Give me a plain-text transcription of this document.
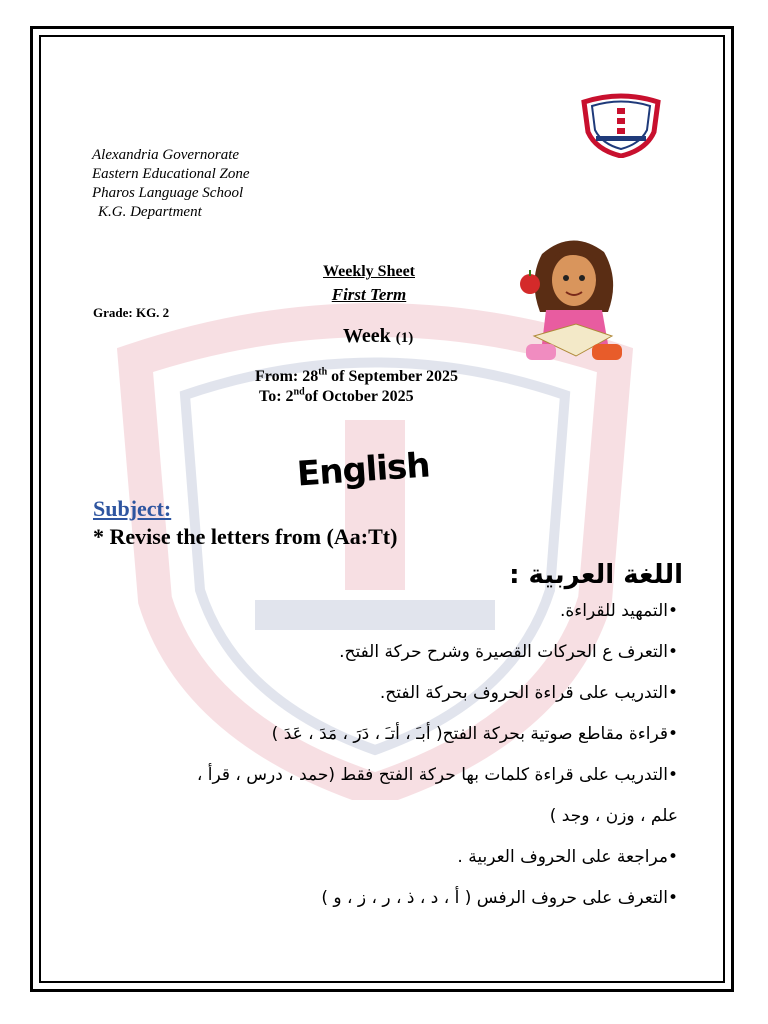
Alexandria Governorate
Eastern Educational Zone
Pharos Language School
K.G. Department
Weekly Sheet
First Term
Grade: KG. 2
Week (1)
From: 28th of September 2025
To: 2ndof October 2025
English
Subject:
* Revise the letters from (Aa:Tt)
اللغة العربية :
•التمهيد للقراءة.
•التعرف ع الحركات القصيرة وشرح حركة الفتح.
•التدريب على قراءة الحروف بحركة الفتح.
•قراءة مقاطع صوتية بحركة الفتح( أبـَ ، أتـَ ، دَرَ ، مَدَ ، عَدَ )
•التدريب على قراءة كلمات بها حركة الفتح فقط (حمد ، درس ، قرأ ،
علم ، وزن ، وجد )
•مراجعة على الحروف العربية .
•التعرف على حروف الرفس ( أ ، د ، ذ ، ر ، ز ، و )
